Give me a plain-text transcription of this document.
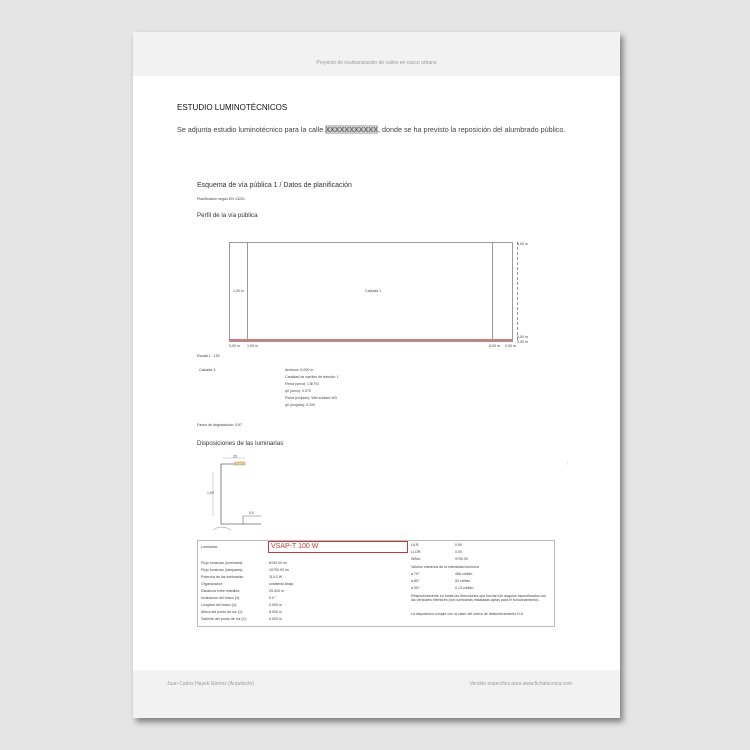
Proyecto de reurbanización de calles en casco urbano
ESTUDIO LUMINOTÉCNICOS
Se adjunta estudio luminotécnico para la calle XXXXXXXXXXX, donde se ha previsto la reposición del alumbrado público.
Esquema de vía pública 1 / Datos de planificación
Planificación según EN 13201
Perfil de la vía pública
Calzada 1
1,00 m
0,00 m
0,00 m
0,00 m
0,00 m 1,00 m	8,00 m 0,00 m
Escala 1 : 150
Calzada 1:	Anchura: 8.000 m
Cantidad de carriles de tránsito: 1
Firma (seco): CIE R3
q0 (seco): 0.070
Firma (mojado): Wet surface W3
q0 (mojado): 0.200
Factor de degradación: 0.67
Disposiciones de las luminarias
20
1,00
3,0
|
Luminaria:	VSAP-T 100 W
Flujo luminoso (luminaria):	8193.00 lm
Flujo luminoso (lámparas):	10700.00 lm
Potencia de las luminarias:	114.0 W
Organización:	unilateral abajo
Distancia entre mástiles:	25.000 m
Inclinación del brazo (3):	0.0 °
Longitud del brazo (4):	0.000 m
Altura del punto de luz (1):	8.000 m
Saliente del punto de luz (2):	0.000 m
ULR:	0.00
LLOR:	0.00
W/km:	9700.00
Valores máximos de la intensidad lumínica
a 70°:	468 cd/klm
a 80°:	53 cd/klm
a 90°:	0.13 cd/klm
Respectivamente en todas las direcciones que forman los ángulos especificados con las verticales inferiores (con luminarias instaladas aptas para el funcionamiento).
La disposición cumple con la clase del índice de deslumbramiento D.6
Juan Carlos Hayek Gómez (Arquitecto)	Versión específica para www.fichatecnica.com
